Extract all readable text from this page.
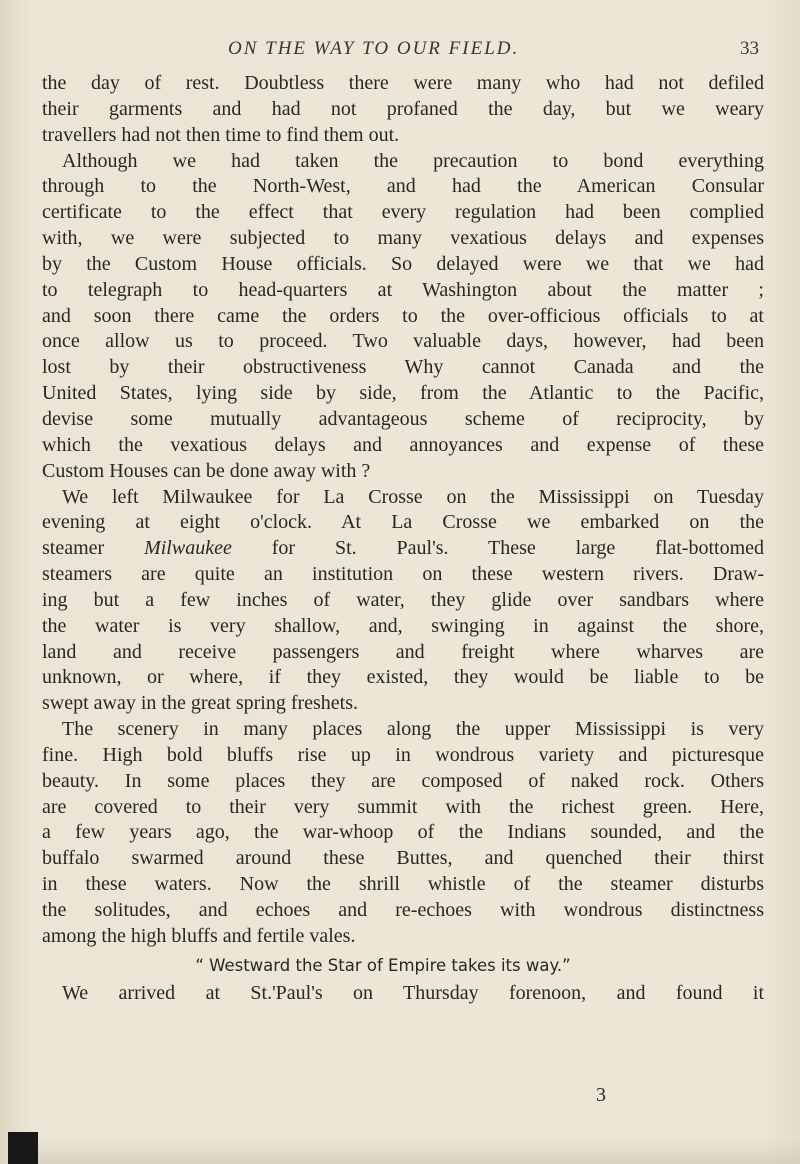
ON THE WAY TO OUR FIELD.	33
the day of rest. Doubtless there were many who had not defiled
their garments and had not profaned the day, but we weary
travellers had not then time to find them out.
Although we had taken the precaution to bond everything
through to the North-West, and had the American Consular
certificate to the effect that every regulation had been complied
with, we were subjected to many vexatious delays and expenses
by the Custom House officials. So delayed were we that we had
to telegraph to head-quarters at Washington about the matter ;
and soon there came the orders to the over-officious officials to at
once allow us to proceed. Two valuable days, however, had been
lost by their obstructiveness Why cannot Canada and the
United States, lying side by side, from the Atlantic to the Pacific,
devise some mutually advantageous scheme of reciprocity, by
which the vexatious delays and annoyances and expense of these
Custom Houses can be done away with ?
We left Milwaukee for La Crosse on the Mississippi on Tuesday
evening at eight o'clock. At La Crosse we embarked on the
steamer Milwaukee for St. Paul's. These large flat-bottomed
steamers are quite an institution on these western rivers. Draw-
ing but a few inches of water, they glide over sandbars where
the water is very shallow, and, swinging in against the shore,
land and receive passengers and freight where wharves are
unknown, or where, if they existed, they would be liable to be
swept away in the great spring freshets.
The scenery in many places along the upper Mississippi is very
fine. High bold bluffs rise up in wondrous variety and picturesque
beauty. In some places they are composed of naked rock. Others
are covered to their very summit with the richest green. Here,
a few years ago, the war-whoop of the Indians sounded, and the
buffalo swarmed around these Buttes, and quenched their thirst
in these waters. Now the shrill whistle of the steamer disturbs
the solitudes, and echoes and re-echoes with wondrous distinctness
among the high bluffs and fertile vales.
“ Westward the Star of Empire takes its way.”
We arrived at St.'Paul's on Thursday forenoon, and found it
3
